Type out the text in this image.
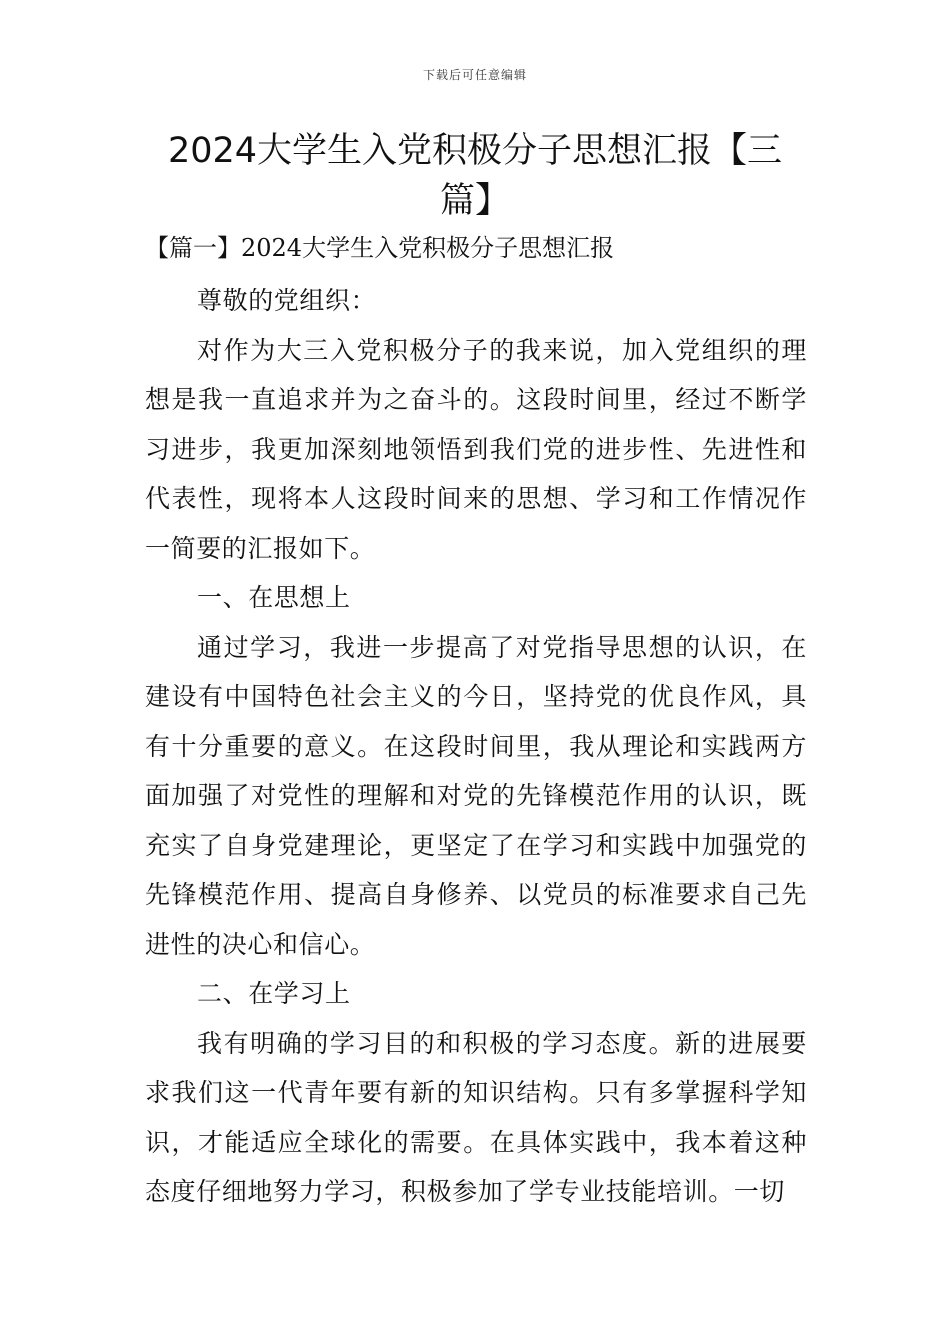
下载后可任意编辑
2024大学生入党积极分子思想汇报【三篇】
【篇一】2024大学生入党积极分子思想汇报

尊敬的党组织：

对作为大三入党积极分子的我来说，加入党组织的理想是我一直追求并为之奋斗的。这段时间里，经过不断学习进步，我更加深刻地领悟到我们党的进步性、先进性和代表性，现将本人这段时间来的思想、学习和工作情况作一简要的汇报如下。

一、在思想上

通过学习，我进一步提高了对党指导思想的认识，在建设有中国特色社会主义的今日，坚持党的优良作风，具有十分重要的意义。在这段时间里，我从理论和实践两方面加强了对党性的理解和对党的先锋模范作用的认识，既充实了自身党建理论，更坚定了在学习和实践中加强党的先锋模范作用、提高自身修养、以党员的标准要求自己先进性的决心和信心。

二、在学习上

我有明确的学习目的和积极的学习态度。新的进展要求我们这一代青年要有新的知识结构。只有多掌握科学知识，才能适应全球化的需要。在具体实践中，我本着这种态度仔细地努力学习，积极参加了学专业技能培训。一切
